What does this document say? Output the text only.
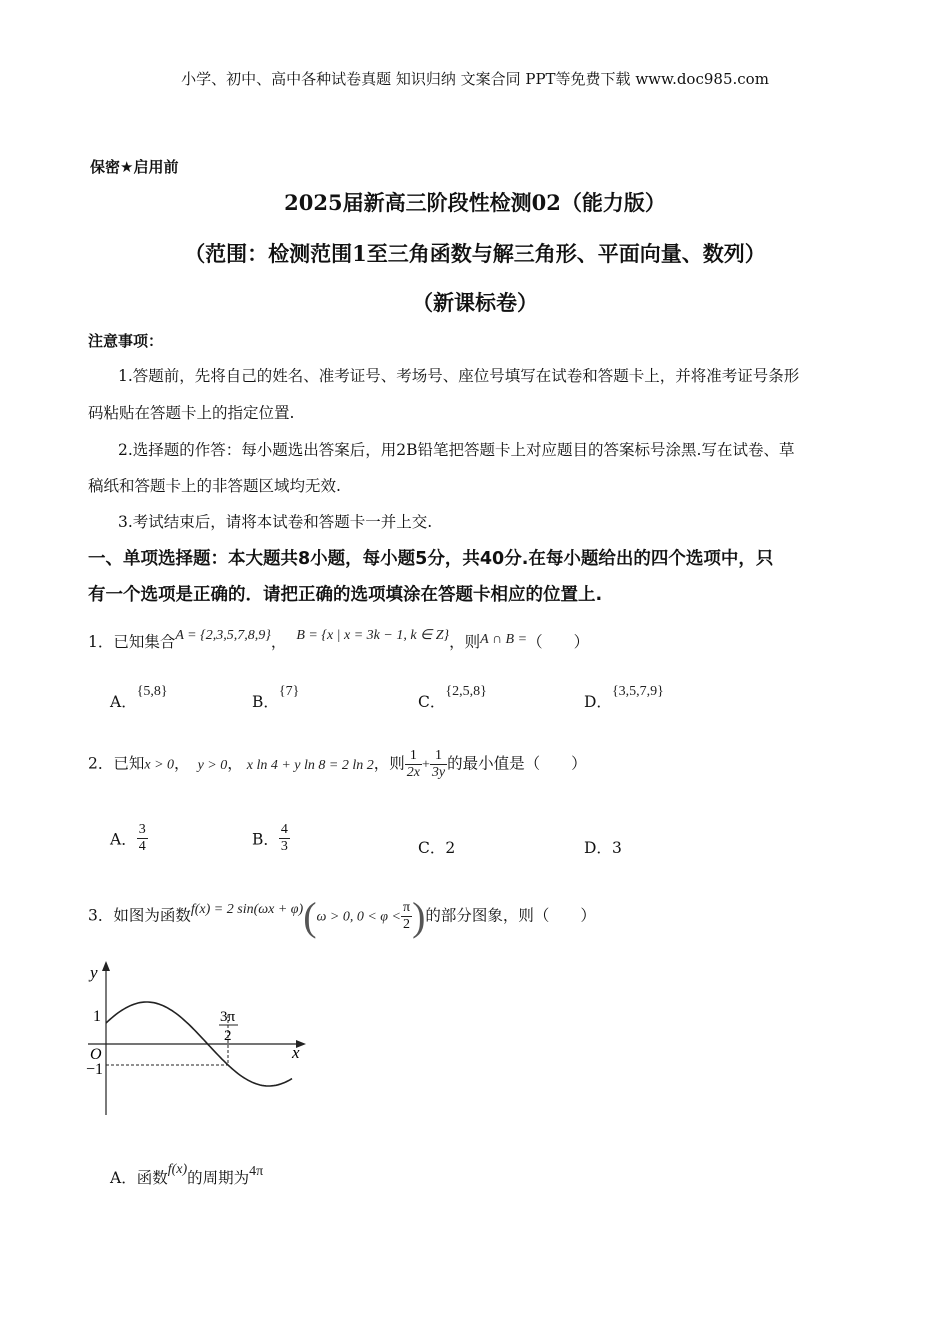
小学、初中、高中各种试卷真题 知识归纳 文案合同 PPT等免费下载 www.doc985.com
保密★启用前
2025届新高三阶段性检测02（能力版）
（范围：检测范围1至三角函数与解三角形、平面向量、数列）
（新课标卷）
注意事项：
1.答题前，先将自己的姓名、准考证号、考场号、座位号填写在试卷和答题卡上，并将准考证号条形
码粘贴在答题卡上的指定位置.
2.选择题的作答：每小题选出答案后，用2B铅笔把答题卡上对应题目的答案标号涂黑.写在试卷、草
稿纸和答题卡上的非答题区域均无效.
3.考试结束后，请将本试卷和答题卡一并上交.
一、单项选择题：本大题共8小题，每小题5分，共40分.在每小题给出的四个选项中，只
有一个选项是正确的．请把正确的选项填涂在答题卡相应的位置上.
1．已知集合A = {2,3,5,7,8,9}， B = {x | x = 3k − 1, k ∈ Z}，则A ∩ B =（　　）
A．{5,8}
B．{7}
C．{2,5,8}
D．{3,5,7,9}
2．已知x > 0， y > 0， x ln 4 + y ln 8 = 2 ln 2，则 $\frac{1}{2x} + \frac{1}{3y}$ 的最小值是（　　）
A． $\frac{3}{4}$	B． $\frac{4}{3}$	C．2	D．3
3．如图为函数f(x) = 2 sin(ωx + φ)(ω > 0, $0 < \varphi < \frac{\pi}{2}$ )的部分图象，则（　　）
y
x
O
1
−1
3π
2
A．函数f(x)的周期为4π
